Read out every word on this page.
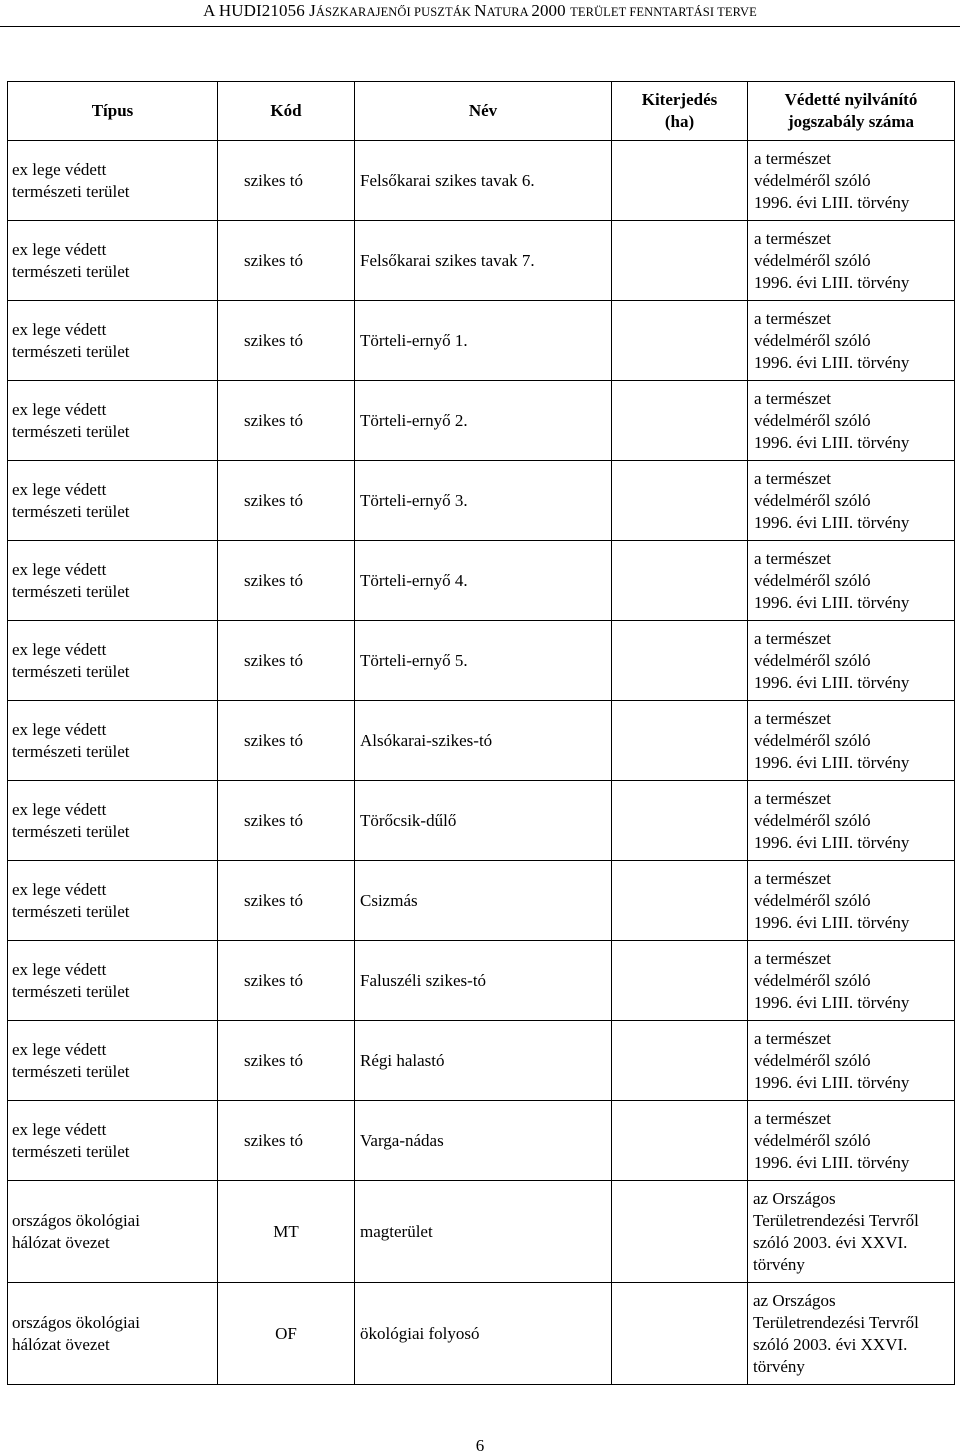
A HUDI21056 JÁSZKARAJENŐI PUSZTÁK NATURA 2000 TERÜLET FENNTARTÁSI TERVE
Típus	Kód	Név	Kiterjedés
(ha)	Védetté nyilvánító
jogszabály száma
ex lege védett
természeti terület	szikes tó	Felsőkarai szikes tavak 6.		a természet
védelméről szóló
1996. évi LIII. törvény
ex lege védett
természeti terület	szikes tó	Felsőkarai szikes tavak 7.		a természet
védelméről szóló
1996. évi LIII. törvény
ex lege védett
természeti terület	szikes tó	Törteli-ernyő 1.		a természet
védelméről szóló
1996. évi LIII. törvény
ex lege védett
természeti terület	szikes tó	Törteli-ernyő 2.		a természet
védelméről szóló
1996. évi LIII. törvény
ex lege védett
természeti terület	szikes tó	Törteli-ernyő 3.		a természet
védelméről szóló
1996. évi LIII. törvény
ex lege védett
természeti terület	szikes tó	Törteli-ernyő 4.		a természet
védelméről szóló
1996. évi LIII. törvény
ex lege védett
természeti terület	szikes tó	Törteli-ernyő 5.		a természet
védelméről szóló
1996. évi LIII. törvény
ex lege védett
természeti terület	szikes tó	Alsókarai-szikes-tó		a természet
védelméről szóló
1996. évi LIII. törvény
ex lege védett
természeti terület	szikes tó	Törőcsik-dűlő		a természet
védelméről szóló
1996. évi LIII. törvény
ex lege védett
természeti terület	szikes tó	Csizmás		a természet
védelméről szóló
1996. évi LIII. törvény
ex lege védett
természeti terület	szikes tó	Faluszéli szikes-tó		a természet
védelméről szóló
1996. évi LIII. törvény
ex lege védett
természeti terület	szikes tó	Régi halastó		a természet
védelméről szóló
1996. évi LIII. törvény
ex lege védett
természeti terület	szikes tó	Varga-nádas		a természet
védelméről szóló
1996. évi LIII. törvény
országos ökológiai
hálózat övezet	MT	magterület		az Országos
Területrendezési Tervről
szóló 2003. évi XXVI.
törvény
országos ökológiai
hálózat övezet	OF	ökológiai folyosó		az Országos
Területrendezési Tervről
szóló 2003. évi XXVI.
törvény
6
